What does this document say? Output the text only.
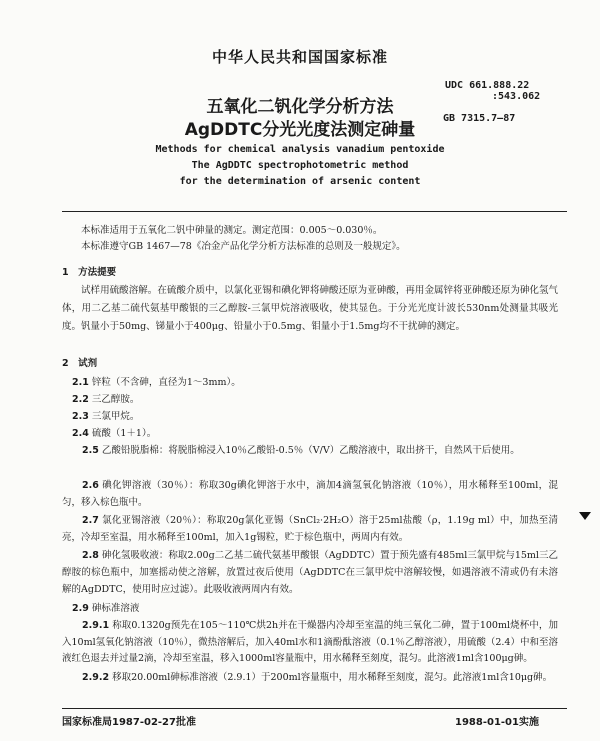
中华人民共和国国家标准
五氧化二钒化学分析方法
AgDDTC分光光度法测定砷量
UDC 661.888.22
:543.062
GB 7315.7—87
Methods for chemical analysis vanadium pentoxide
The AgDDTC spectrophotometric method
for the determination of arsenic content
本标准适用于五氧化二钒中砷量的测定。测定范围：0.005～0.030％。
本标准遵守GB 1467—78《冶金产品化学分析方法标准的总则及一般规定》。
1　方法提要
试样用硫酸溶解。在硫酸介质中，以氯化亚锡和碘化钾将砷酸还原为亚砷酸，再用金属锌将亚砷酸还原为砷化氢气体，用二乙基二硫代氨基甲酸银的三乙醇胺-三氯甲烷溶液吸收，使其显色。于分光光度计波长530nm处测量其吸光度。钒量小于50mg、锑量小于400μg、铅量小于0.5mg、钼量小于1.5mg均不干扰砷的测定。
2　试剂
2.1 锌粒（不含砷，直径为1～3mm）。
2.2 三乙醇胺。
2.3 三氯甲烷。
2.4 硫酸（1＋1）。
2.5 乙酸铅脱脂棉：将脱脂棉浸入10％乙酸铅-0.5％（V/V）乙酸溶液中，取出挤干，自然风干后使用。
2.6 碘化钾溶液（30％）：称取30g碘化钾溶于水中，滴加4滴氢氧化钠溶液（10％），用水稀释至100ml，混匀，移入棕色瓶中。
2.7 氯化亚锡溶液（20％）：称取20g氯化亚锡（SnCl₂·2H₂O）溶于25ml盐酸（ρ，1.19g ml）中，加热至清亮，冷却至室温，用水稀释至100ml，加入1g锡粒，贮于棕色瓶中，两周内有效。
2.8 砷化氢吸收液：称取2.00g二乙基二硫代氨基甲酸银（AgDDTC）置于预先盛有485ml三氯甲烷与15ml三乙醇胺的棕色瓶中，加塞摇动使之溶解，放置过夜后使用（AgDDTC在三氯甲烷中溶解较慢，如遇溶液不清或仍有未溶解的AgDDTC，使用时应过滤）。此吸收液两周内有效。
2.9 砷标准溶液
2.9.1 称取0.1320g预先在105～110℃烘2h并在干燥器内冷却至室温的纯三氧化二砷，置于100ml烧杯中，加入10ml氢氧化钠溶液（10％），微热溶解后，加入40ml水和1滴酚酞溶液（0.1％乙醇溶液），用硫酸（2.4）中和至溶液红色退去并过量2滴，冷却至室温，移入1000ml容量瓶中，用水稀释至刻度，混匀。此溶液1ml含100μg砷。
2.9.2 移取20.00ml砷标准溶液（2.9.1）于200ml容量瓶中，用水稀释至刻度，混匀。此溶液1ml含10μg砷。
国家标准局1987-02-27批准	1988-01-01实施
